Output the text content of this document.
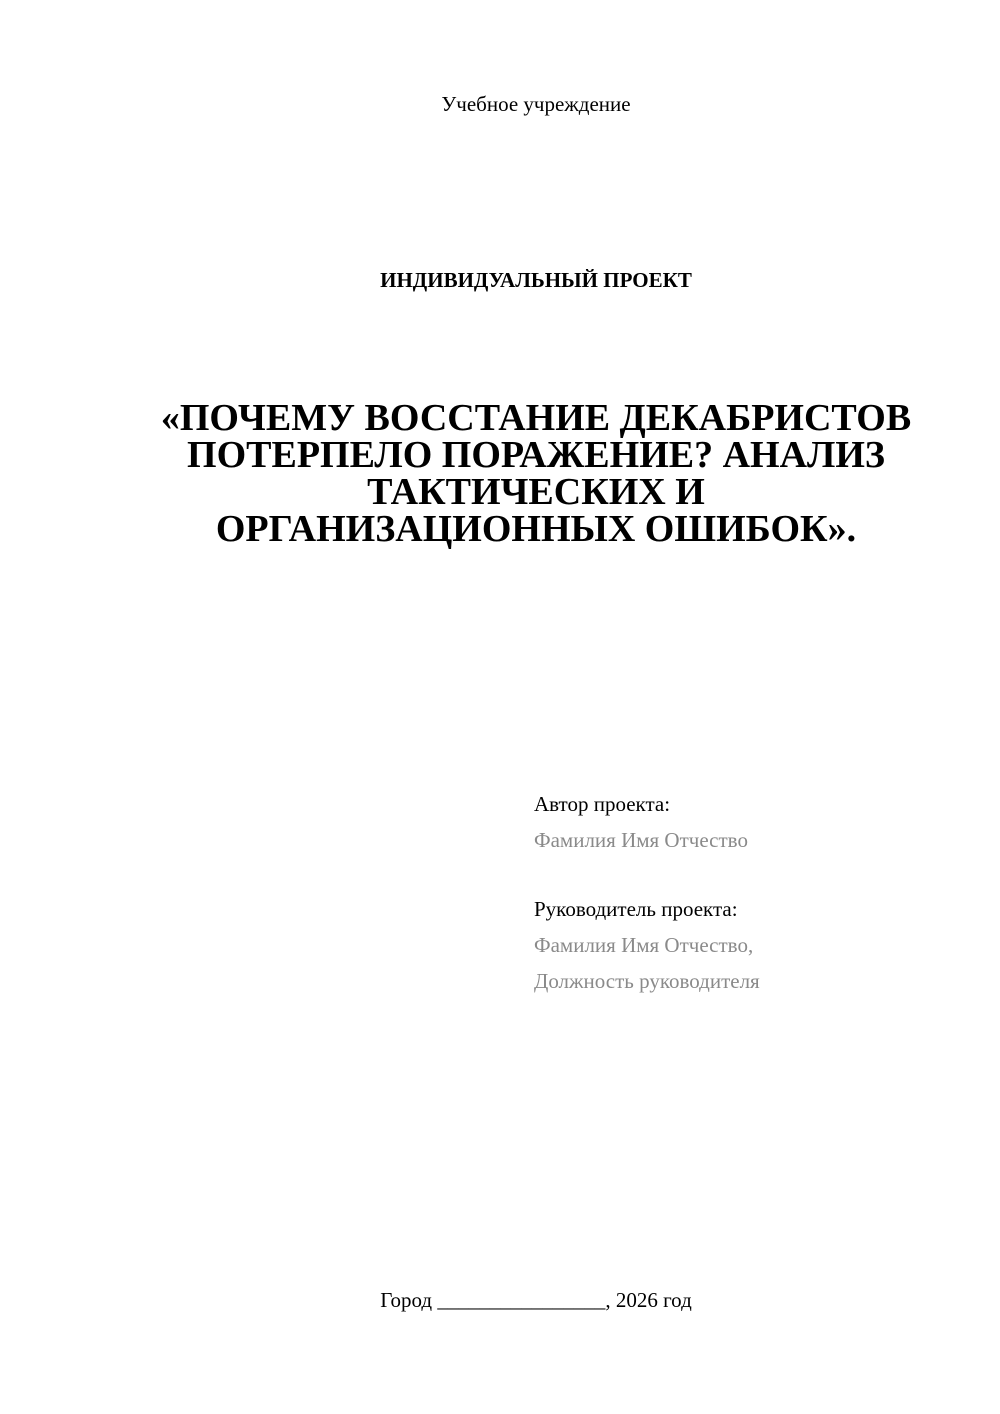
Учебное учреждение
ИНДИВИДУАЛЬНЫЙ ПРОЕКТ
«ПОЧЕМУ ВОССТАНИЕ ДЕКАБРИСТОВ
ПОТЕРПЕЛО ПОРАЖЕНИЕ? АНАЛИЗ
ТАКТИЧЕСКИХ И
ОРГАНИЗАЦИОННЫХ ОШИБОК».
Автор проекта:
Фамилия Имя Отчество
Руководитель проекта:
Фамилия Имя Отчество,
Должность руководителя
Город ________________, 2026 год
